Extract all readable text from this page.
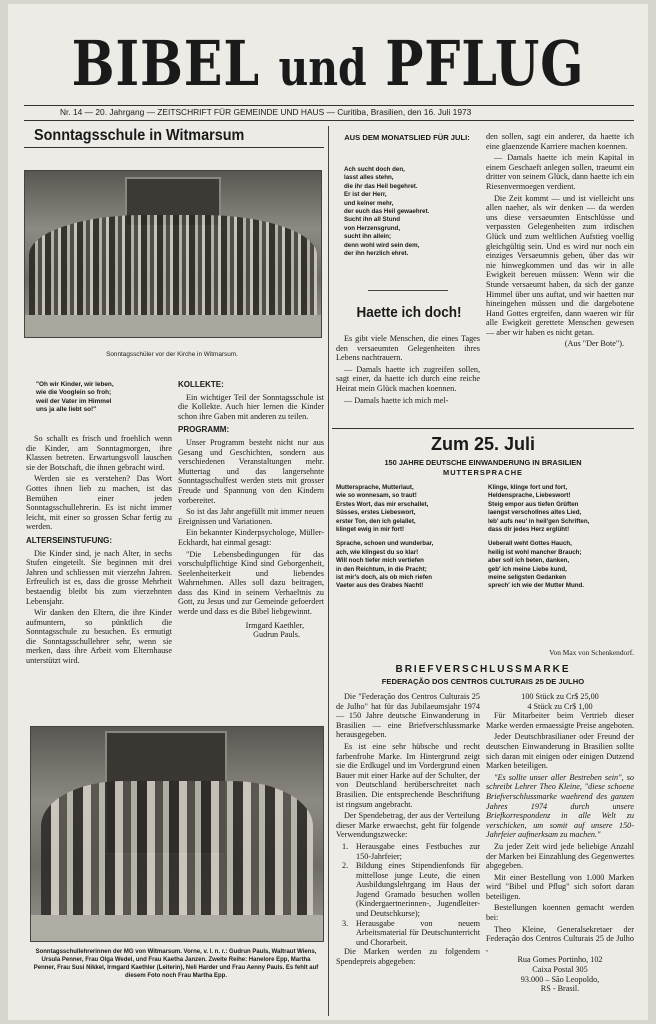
BIBEL und PFLUG
Nr. 14 — 20. Jahrgang — ZEITSCHRIFT FÜR GEMEINDE UND HAUS — Curitiba, Brasilien, den 16. Juli 1973
Sonntagsschule in Witmarsum
Sonntagsschüler vor der Kirche in Witmarsum.
"Oh wir Kinder, wir leben,
wie die Vooglein so froh;
weil der Vater im Himmel
uns ja alle liebt so!"

So schallt es frisch und froehlich wenn die Kinder, am Sonntagmorgen, ihre Klassen betreten. Erwartungsvoll lauschen sie der Botschaft, die ihnen gebracht wird.

Werden sie es verstehen? Das Wort Gottes ihnen lieb zu machen, ist das Bemühen einer jeden Sonntagsschullehrerin. Es ist nicht immer leicht, mit einer so grossen Schar fertig zu werden.

ALTERSEINSTUFUNG:

Die Kinder sind, je nach Alter, in sechs Stufen eingeteilt. Sie beginnen mit drei Jahren und schliessen mit vierzehn Jahren. Erfreulich ist es, dass die grosse Mehrheit bestaendig bleibt bis zum vierzehnten Lebensjahr.

Wir danken den Eltern, die ihre Kinder aufmuntern, so pünktlich die Sonntagsschule zu besuchen. Es ermutigt die Sonntagsschullehrer sehr, wenn sie merken, dass ihre Arbeit vom Elternhause unterstützt wird.

KOLLEKTE:

Ein wichtiger Teil der Sonntagsschule ist die Kollekte. Auch hier lernen die Kinder schon ihre Gaben mit anderen zu teilen.

PROGRAMM:

Unser Programm besteht nicht nur aus Gesang und Geschichten, sondern aus verschiedenen Veranstaltungen mehr. Muttertag und das langersehnte Sonntagsschulfest werden stets mit grosser Freude und Spannung von den Kindern vorbereitet.

So ist das Jahr angefüllt mit immer neuen Ereignissen und Variationen.

Ein bekannter Kinderpsychologe, Müller-Eckhardt, hat einmal gesagt:

"Die Lebensbedingungen für das vorschulpflichtige Kind sind Geborgenheit, Seelenheiterkeit und liebendes Wahrnehmen. Alles soll dazu beitragen, dass das Kind in seinem Verhaeltnis zu Gott, zu Jesus und zur Gemeinde gefoerdert werde und dass es die Bibel liebgewinnt.

Irmgard Kaethler,
Gudrun Pauls.
Sonntagsschullehrerinnen der MG von Witmarsum. Vorne, v. l. n. r.: Gudrun Pauls, Waltraut Wiens, Ursula Penner, Frau Olga Wedel, und Frau Kaetha Janzen. Zweite Reihe: Hanelore Epp, Martha Penner, Frau Susi Nikkel, Irmgard Kaethler (Leiterin), Neli Harder und Frau Aenny Pauls. Es fehlt auf diesem Foto noch Frau Martha Epp.
AUS DEM MONATSLIED FÜR JULI:
Ach sucht doch den,
lasst alles stehn,
die ihr das Heil begehret.
Er ist der Herr,
und keiner mehr,
der euch das Heil gewaehret.
Sucht ihn all Stund
von Herzensgrund,
sucht ihn allein;
denn wohl wird sein dem,
der ihn herzlich ehret.
Haette ich doch!

Es gibt viele Menschen, die eines Tages den versaeumten Gelegenheiten ihres Lebens nachtrauern.

— Damals haette ich zugreifen sollen, sagt einer, da haette ich durch eine reiche Heirat mein Glück machen koennen.

— Damals haette ich mich mel-

den sollen, sagt ein anderer, da haette ich eine glaenzende Karriere machen koennen.

— Damals haette ich mein Kapital in einem Geschaeft anlegen sollen, traeumt ein dritter von seinem Glück, dann haette ich ein Riesenvermoegen verdient.

Die Zeit kommt — und ist vielleicht uns allen naeher, als wir denken — da werden uns diese versaeumten Entschlüsse und verpassten Gelegenheiten zum irdischen Glück und zum weltlichen Aufstieg voellig gleichgültig sein. Und es wird nur noch ein einziges Versaeumnis geben, über das wir nie hinwegkommen und das wir in alle Ewigkeit bereuen müssen: Wenn wir die Stunde versaeumt haben, da sich der ganze Himmel über uns auftat, und wir haetten nur hineingehen müssen und die dargebotene Hand Gottes ergreifen, dann waeren wir für alle Ewigkeit gerettete Menschen gewesen — aber wir haben es nicht getan.

(Aus "Der Bote").
Zum 25. Juli
150 JAHRE DEUTSCHE EINWANDERUNG IN BRASILIEN
MUTTERSPRACHE
Muttersprache, Mutterlaut,
wie so wonnesam, so traut!
Erstes Wort, das mir erschallet,
Süsses, erstes Liebeswort,
erster Ton, den ich gelallet,
klinget ewig in mir fort!
Sprache, schoen und wunderbar,
ach, wie klingest du so klar!
Will noch tiefer mich vertiefen
in den Reichtum, in die Pracht;
ist mir's doch, als ob mich riefen
Vaeter aus des Grabes Nacht!
Klinge, klinge fort und fort,
Heldensprache, Liebeswort!
Steig empor aus tiefen Grüften
laengst verschollnes altes Lied,
leb' aufs neu' in heil'gen Schriften,
dass dir jedes Herz erglüht!
Ueberall weht Gottes Hauch,
heilig ist wohl mancher Brauch;
aber soll ich beten, danken,
geb' ich meine Liebe kund,
meine seligsten Gedanken
sprech' ich wie der Mutter Mund.
Von Max von Schenkendorf.
BRIEFVERSCHLUSSMARKE
FEDERAÇÃO DOS CENTROS CULTURAIS 25 DE JULHO

Die "Federação dos Centros Culturais 25 de Julho" hat für das Jubilaeumsjahr 1974 — 150 Jahre deutsche Einwanderung in Brasilien — eine Briefverschlussmarke herausgegeben.

Es ist eine sehr hübsche und recht farbenfrohe Marke. Im Hintergrund zeigt sie die Erdkugel und im Vordergrund einen Bauer mit einer Harke auf der Schulter, der von Deutschland herüberschreitet nach Brasilien. Die entsprechende Beschriftung ist ringsum angebracht.

Der Spendebetrag, der aus der Verteilung dieser Marke erwaechst, geht für folgende Verwendungszwecke:

1. Herausgabe eines Festbuches zur 150-Jahrfeier;
2. Bildung eines Stipendienfonds für mittellose junge Leute, die einen Ausbildungslehrgang im Haus der Jugend Gramado besuchen wollen (Kindergaertnerinnen-, Jugendleiter- und Deutschkurse);
3. Herausgabe von neuem Arbeitsmaterial für Deutschunterricht und Chorarbeit.

Die Marken werden zu folgendem Spendepreis abgegeben:

100 Stück zu Cr$ 25,00
4 Stück zu Cr$ 1,00

Für Mitarbeiter beim Vertrieb dieser Marke werden ermaessigte Preise angeboten.

Jeder Deutschbrasilianer oder Freund der deutschen Einwanderung in Brasilien sollte sich daran mit einigen oder einigen Dutzend Marken beteiligen.

"Es sollte unser aller Bestreben sein", so schreibt Lehrer Theo Kleine, "diese schoene Briefverschlussmarke waehrend des ganzen Jahres 1974 durch unsere Briefkorrespondenz in alle Welt zu verschicken, um somit auf unsere 150-Jahrfeier aufmerksam zu machen."

Zu jeder Zeit wird jede beliebige Anzahl der Marken bei Einzahlung des Gegenwertes abgegeben.

Mit einer Bestellung von 1.000 Marken wird "Bibel und Pflug" sich sofort daran beteiligen.

Bestellungen koennen gemacht werden bei:

Theo Kleine, Generalsekretaer der Federação dos Centros Culturais 25 de Julho ,

Rua Gomes Portinho, 102
Caixa Postal 305
93.000 – São Leopoldo,
RS - Brasil.
